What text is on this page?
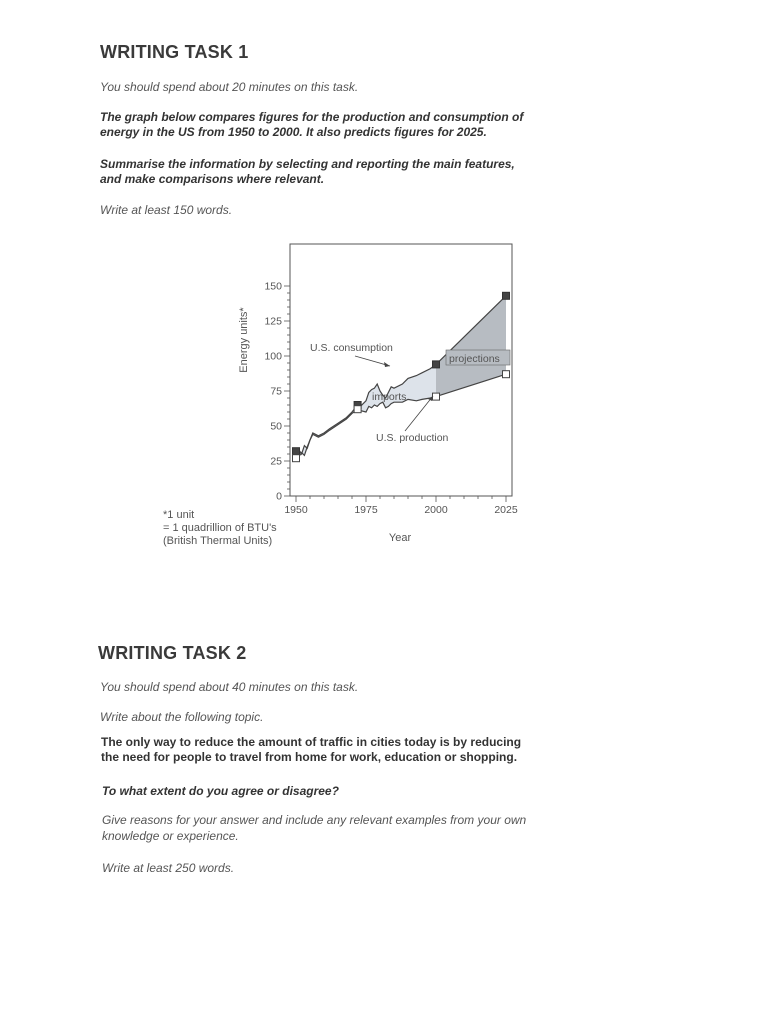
WRITING TASK 1

You should spend about 20 minutes on this task.

The graph below compares figures for the production and consumption of
energy in the US from 1950 to 2000. It also predicts figures for 2025.

Summarise the information by selecting and reporting the main features,
and make comparisons where relevant.

Write at least 150 words.

0
25
50
75
100
125
150
1950	1975	2000	2025
U.S. consumption
imports
U.S. production
projections
Energy units*
Year
*1 unit
= 1 quadrillion of BTU's
(British Thermal Units)
WRITING TASK 2

You should spend about 40 minutes on this task.

Write about the following topic.

The only way to reduce the amount of traffic in cities today is by reducing
the need for people to travel from home for work, education or shopping.

To what extent do you agree or disagree?

Give reasons for your answer and include any relevant examples from your own
knowledge or experience.

Write at least 250 words.
